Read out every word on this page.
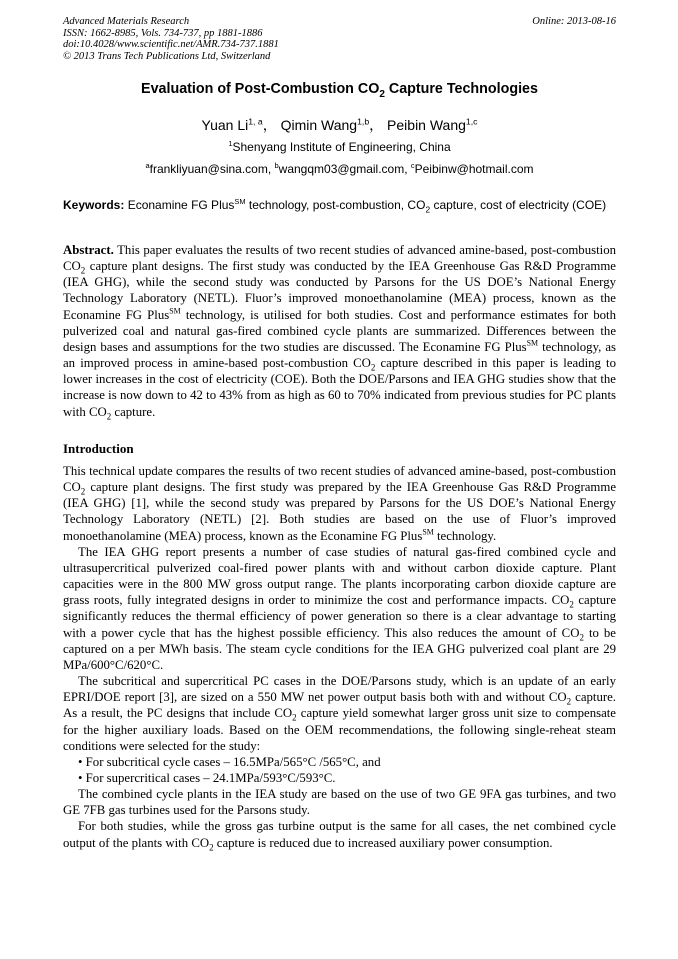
Advanced Materials Research
ISSN: 1662-8985, Vols. 734-737, pp 1881-1886
doi:10.4028/www.scientific.net/AMR.734-737.1881
© 2013 Trans Tech Publications Ltd, Switzerland
Online: 2013-08-16
Evaluation of Post-Combustion $CO_2$ Capture Technologies
Yuan Li$^{1, a}$， Qimin Wang$^{1,b}$， Peibin Wang$^{1,c}$
$^1$Shenyang Institute of Engineering, China
$^a$frankliyuan@sina.com, $^b$wangqm03@gmail.com, $^c$Peibinw@hotmail.com
Keywords: Econamine FG Plus℠ technology, post-combustion, $CO_2$ capture, cost of electricity (COE)

Abstract. This paper evaluates the results of two recent studies of advanced amine-based, post-combustion $CO_2$ capture plant designs. The first study was conducted by the IEA Greenhouse Gas R&D Programme (IEA GHG), while the second study was conducted by Parsons for the US DOE’s National Energy Technology Laboratory (NETL). Fluor’s improved monoethanolamine (MEA) process, known as the Econamine FG Plus℠ technology, is utilised for both studies. Cost and performance estimates for both pulverized coal and natural gas-fired combined cycle plants are summarized. Differences between the design bases and assumptions for the two studies are discussed. The Econamine FG Plus℠ technology, as an improved process in amine-based post-combustion $CO_2$ capture described in this paper is leading to lower increases in the cost of electricity (COE). Both the DOE/Parsons and IEA GHG studies show that the increase is now down to 42 to 43% from as high as 60 to 70% indicated from previous studies for PC plants with $CO_2$ capture.

Introduction

This technical update compares the results of two recent studies of advanced amine-based, post-combustion $CO_2$ capture plant designs. The first study was prepared by the IEA Greenhouse Gas R&D Programme (IEA GHG) [1], while the second study was prepared by Parsons for the US DOE’s National Energy Technology Laboratory (NETL) [2]. Both studies are based on the use of Fluor’s improved monoethanolamine (MEA) process, known as the Econamine FG Plus℠ technology.

The IEA GHG report presents a number of case studies of natural gas-fired combined cycle and ultrasupercritical pulverized coal-fired power plants with and without carbon dioxide capture. Plant capacities were in the 800 MW gross output range. The plants incorporating carbon dioxide capture are grass roots, fully integrated designs in order to minimize the cost and performance impacts. $CO_2$ capture significantly reduces the thermal efficiency of power generation so there is a clear advantage to starting with a power cycle that has the highest possible efficiency. This also reduces the amount of $CO_2$ to be captured on a per MWh basis. The steam cycle conditions for the IEA GHG pulverized coal plant are 29 MPa/600°C/620°C.

The subcritical and supercritical PC cases in the DOE/Parsons study, which is an update of an early EPRI/DOE report [3], are sized on a 550 MW net power output basis both with and without $CO_2$ capture. As a result, the PC designs that include $CO_2$ capture yield somewhat larger gross unit size to compensate for the higher auxiliary loads. Based on the OEM recommendations, the following single-reheat steam conditions were selected for the study:

• For subcritical cycle cases – 16.5MPa/565°C /565°C, and
• For supercritical cases – 24.1MPa/593°C/593°C.

The combined cycle plants in the IEA study are based on the use of two GE 9FA gas turbines, and two GE 7FB gas turbines used for the Parsons study.

For both studies, while the gross gas turbine output is the same for all cases, the net combined cycle output of the plants with $CO_2$ capture is reduced due to increased auxiliary power consumption.
